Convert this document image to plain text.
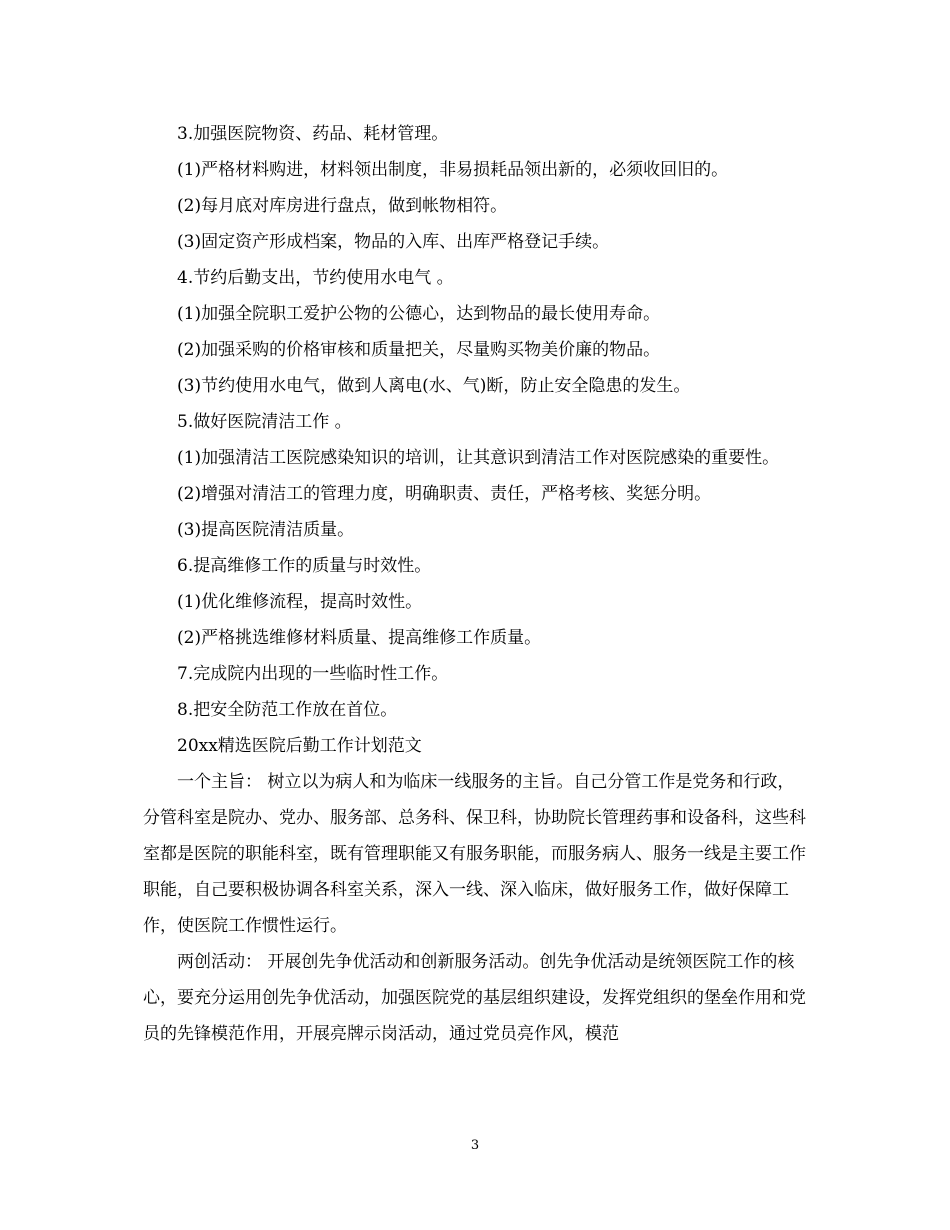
3.加强医院物资、药品、耗材管理。

(1)严格材料购进，材料领出制度，非易损耗品领出新的，必须收回旧的。

(2)每月底对库房进行盘点，做到帐物相符。

(3)固定资产形成档案，物品的入库、出库严格登记手续。

4.节约后勤支出，节约使用水电气 。

(1)加强全院职工爱护公物的公德心，达到物品的最长使用寿命。

(2)加强采购的价格审核和质量把关，尽量购买物美价廉的物品。

(3)节约使用水电气，做到人离电(水、气)断，防止安全隐患的发生。

5.做好医院清洁工作 。

(1)加强清洁工医院感染知识的培训，让其意识到清洁工作对医院感染的重要性。

(2)增强对清洁工的管理力度，明确职责、责任，严格考核、奖惩分明。

(3)提高医院清洁质量。

6.提高维修工作的质量与时效性。

(1)优化维修流程，提高时效性。

(2)严格挑选维修材料质量、提高维修工作质量。

7.完成院内出现的一些临时性工作。

8.把安全防范工作放在首位。

20xx精选医院后勤工作计划范文

一个主旨： 树立以为病人和为临床一线服务的主旨。自己分管工作是党务和行政，分管科室是院办、党办、服务部、总务科、保卫科，协助院长管理药事和设备科，这些科室都是医院的职能科室，既有管理职能又有服务职能，而服务病人、服务一线是主要工作职能，自己要积极协调各科室关系，深入一线、深入临床，做好服务工作，做好保障工作，使医院工作惯性运行。

两创活动： 开展创先争优活动和创新服务活动。创先争优活动是统领医院工作的核心，要充分运用创先争优活动，加强医院党的基层组织建设，发挥党组织的堡垒作用和党员的先锋模范作用，开展亮牌示岗活动，通过党员亮作风，模范

3
